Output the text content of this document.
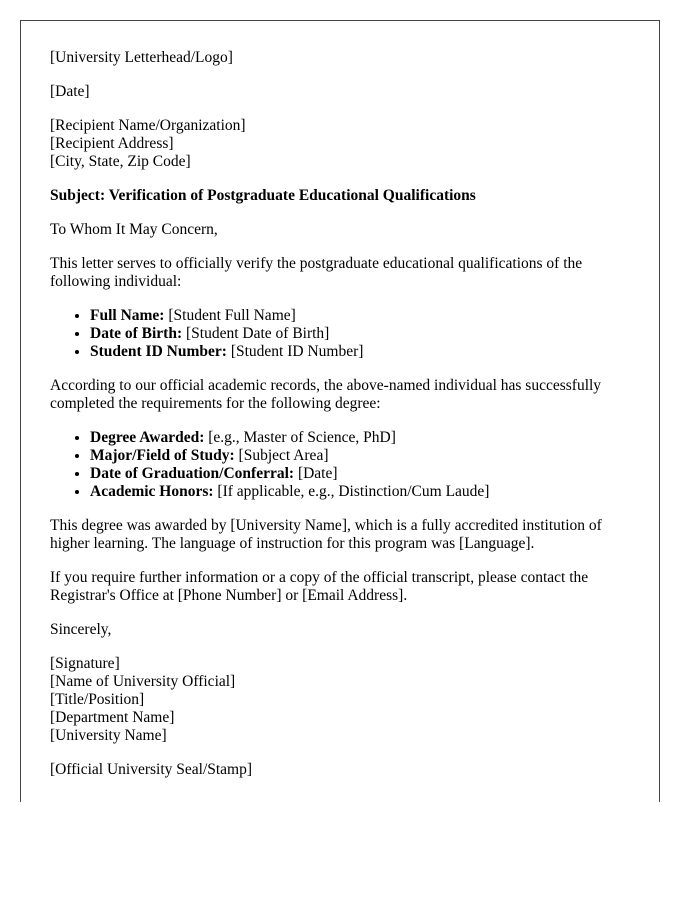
[University Letterhead/Logo]
[Date]
[Recipient Name/Organization]
[Recipient Address]
[City, State, Zip Code]
Subject: Verification of Postgraduate Educational Qualifications
To Whom It May Concern,
This letter serves to officially verify the postgraduate educational qualifications of the following individual:
• Full Name: [Student Full Name]
• Date of Birth: [Student Date of Birth]
• Student ID Number: [Student ID Number]
According to our official academic records, the above-named individual has successfully completed the requirements for the following degree:
• Degree Awarded: [e.g., Master of Science, PhD]
• Major/Field of Study: [Subject Area]
• Date of Graduation/Conferral: [Date]
• Academic Honors: [If applicable, e.g., Distinction/Cum Laude]
This degree was awarded by [University Name], which is a fully accredited institution of higher learning. The language of instruction for this program was [Language].
If you require further information or a copy of the official transcript, please contact the Registrar's Office at [Phone Number] or [Email Address].
Sincerely,
[Signature]
[Name of University Official]
[Title/Position]
[Department Name]
[University Name]
[Official University Seal/Stamp]
